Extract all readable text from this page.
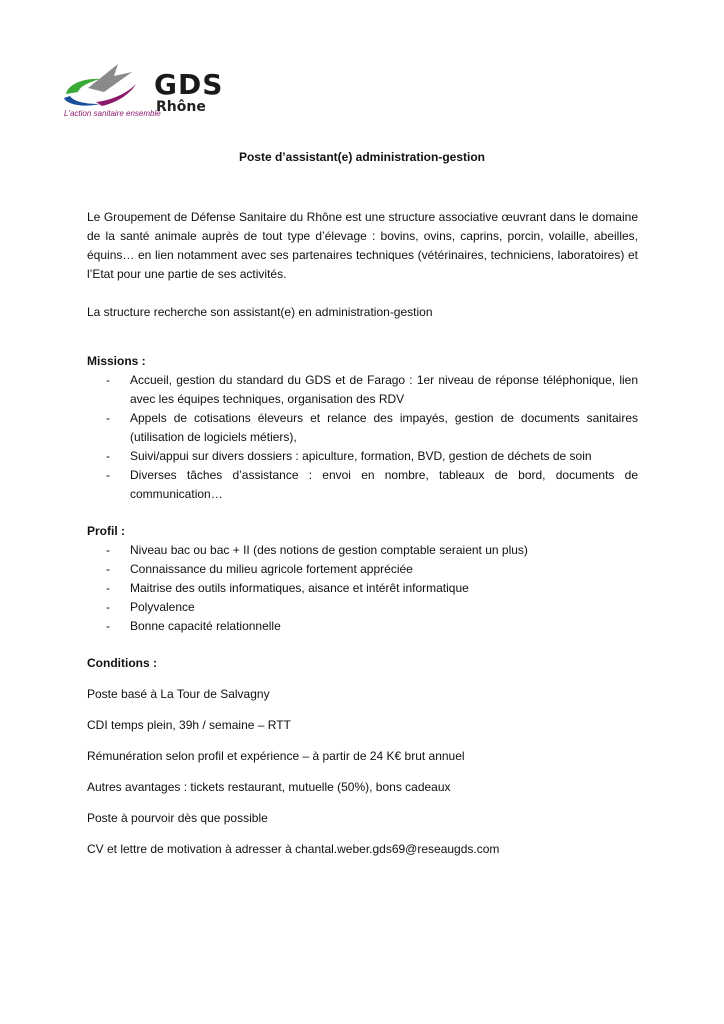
GDS
Rhône
L'action sanitaire ensemble
Poste d’assistant(e) administration-gestion

Le Groupement de Défense Sanitaire du Rhône est une structure associative œuvrant dans le domaine de la santé animale auprès de tout type d’élevage : bovins, ovins, caprins, porcin, volaille, abeilles, équins… en lien notamment avec ses partenaires techniques (vétérinaires, techniciens, laboratoires) et l’Etat pour une partie de ses activités.

La structure recherche son assistant(e) en administration-gestion

Missions :

- Accueil, gestion du standard du GDS et de Farago : 1er niveau de réponse téléphonique, lien avec les équipes techniques, organisation des RDV
- Appels de cotisations éleveurs et relance des impayés, gestion de documents sanitaires (utilisation de logiciels métiers),
- Suivi/appui sur divers dossiers : apiculture, formation, BVD, gestion de déchets de soin
- Diverses tâches d’assistance : envoi en nombre, tableaux de bord, documents de communication…

Profil :

- Niveau bac ou bac + II (des notions de gestion comptable seraient un plus)
- Connaissance du milieu agricole fortement appréciée
- Maitrise des outils informatiques, aisance et intérêt informatique
- Polyvalence
- Bonne capacité relationnelle

Conditions :

Poste basé à La Tour de Salvagny

CDI temps plein, 39h / semaine – RTT

Rémunération selon profil et expérience – à partir de 24 K€ brut annuel

Autres avantages : tickets restaurant, mutuelle (50%), bons cadeaux

Poste à pourvoir dès que possible

CV et lettre de motivation à adresser à chantal.weber.gds69@reseaugds.com
